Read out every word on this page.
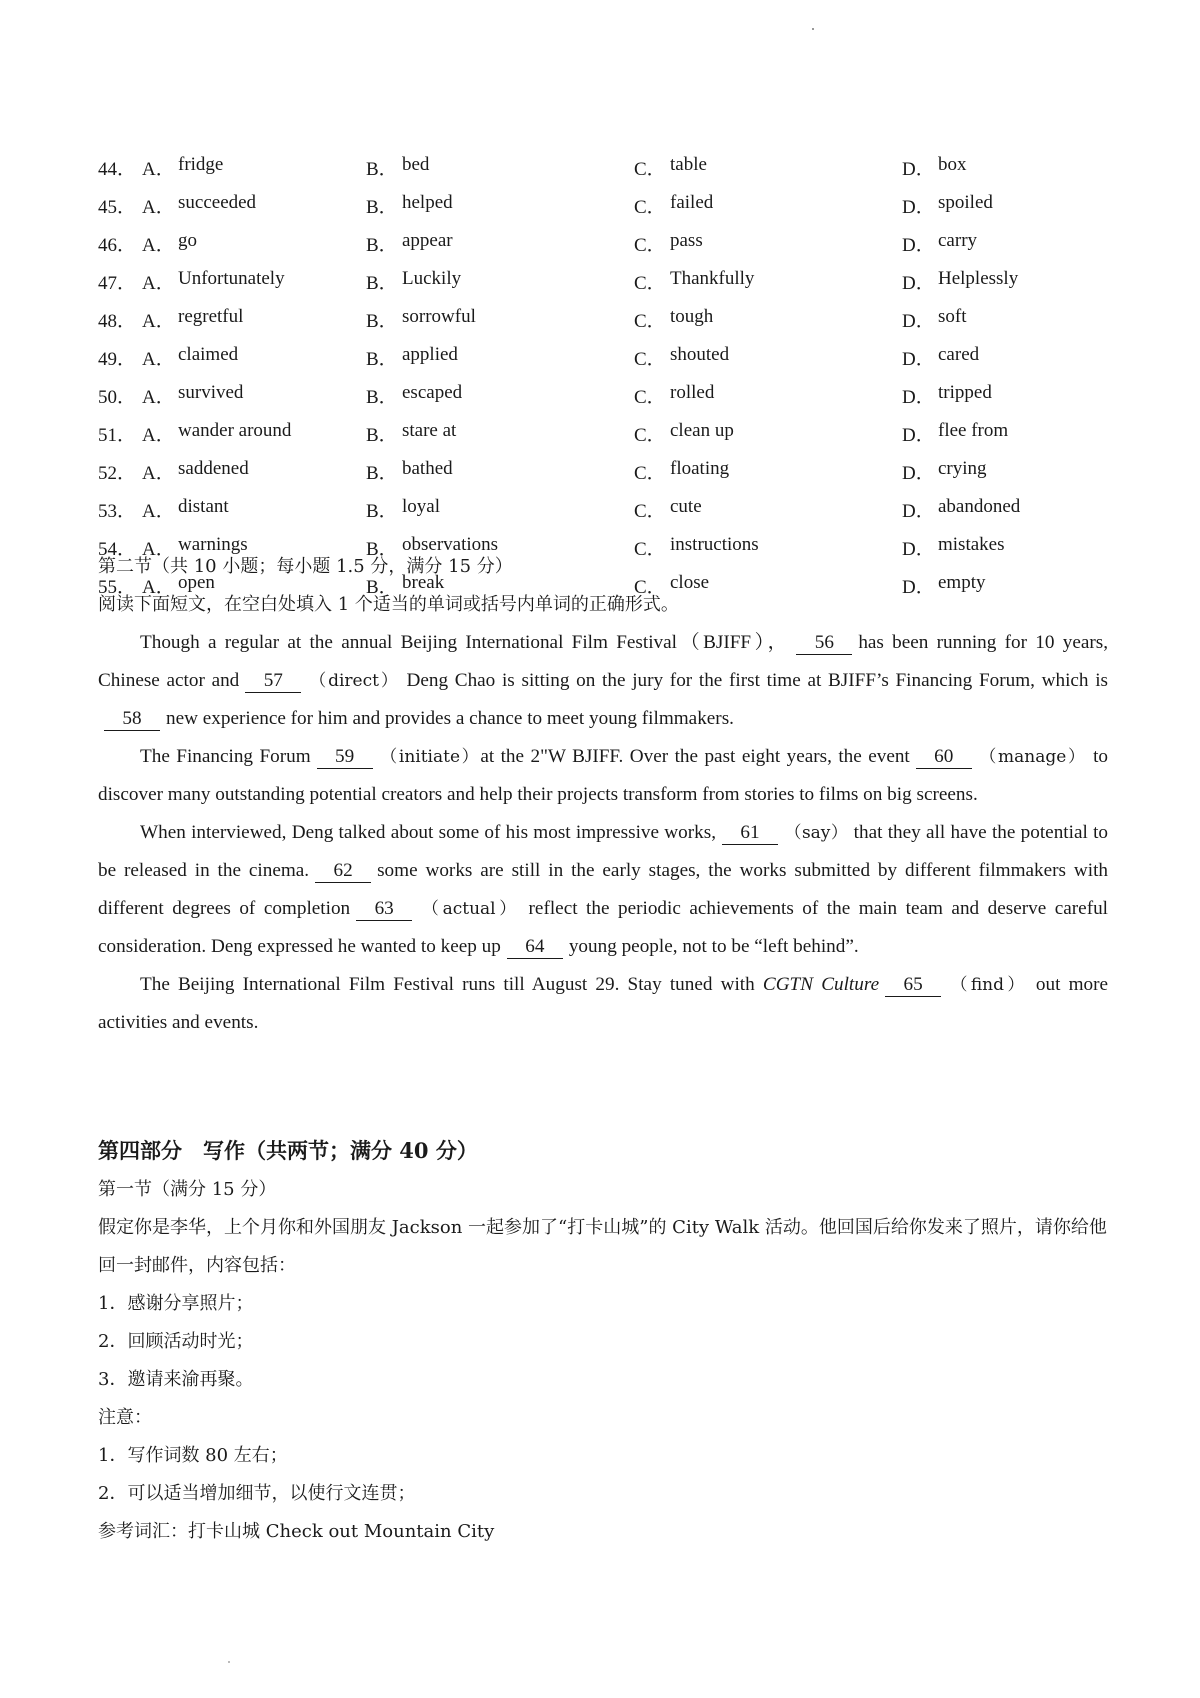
44． A． fridge	B． bed	C． table	D． box
45． A． succeeded	B． helped	C． failed	D． spoiled
46． A． go	B． appear	C． pass	D． carry
47． A． Unfortunately	B． Luckily	C． Thankfully	D． Helplessly
48． A． regretful	B． sorrowful	C． tough	D． soft
49． A． claimed	B． applied	C． shouted	D． cared
50． A． survived	B． escaped	C． rolled	D． tripped
51． A． wander around	B． stare at	C． clean up	D． flee from
52． A． saddened	B． bathed	C． floating	D． crying
53． A． distant	B． loyal	C． cute	D． abandoned
54． A． warnings	B． observations	C． instructions	D． mistakes
55． A． open	B． break	C． close	D． empty
第二节（共 10 小题；每小题 1.5 分，满分 15 分）
阅读下面短文，在空白处填入 1 个适当的单词或括号内单词的正确形式。
Though a regular at the annual Beijing International Film Festival（BJIFF）， 56 has been running for 10 years, Chinese actor and 57 （direct） Deng Chao is sitting on the jury for the first time at BJIFF’s Financing Forum, which is58 new experience for him and provides a chance to meet young filmmakers.
The Financing Forum 59 （initiate）at the 2"W BJIFF. Over the past eight years, the event 60 （manage） to discover many outstanding potential creators and help their projects transform from stories to films on big screens.
When interviewed, Deng talked about some of his most impressive works, 61 （say） that they all have the potential to be released in the cinema. 62 some works are still in the early stages, the works submitted by different filmmakers with different degrees of completion 63 （actual） reflect the periodic achievements of the main team and deserve careful consideration. Deng expressed he wanted to keep up 64 young people, not to be “left behind”.
The Beijing International Film Festival runs till August 29. Stay tuned with CGTN Culture 65 （find） out more activities and events.
第四部分　写作（共两节；满分 40 分）
第一节（满分 15 分）
假定你是李华，上个月你和外国朋友 Jackson 一起参加了“打卡山城”的 City Walk 活动。他回国后给你发来了照片，请你给他回一封邮件，内容包括：
1．感谢分享照片；
2．回顾活动时光；
3．邀请来渝再聚。
注意：
1．写作词数 80 左右；
2．可以适当增加细节，以使行文连贯；
参考词汇：打卡山城 Check out Mountain City
